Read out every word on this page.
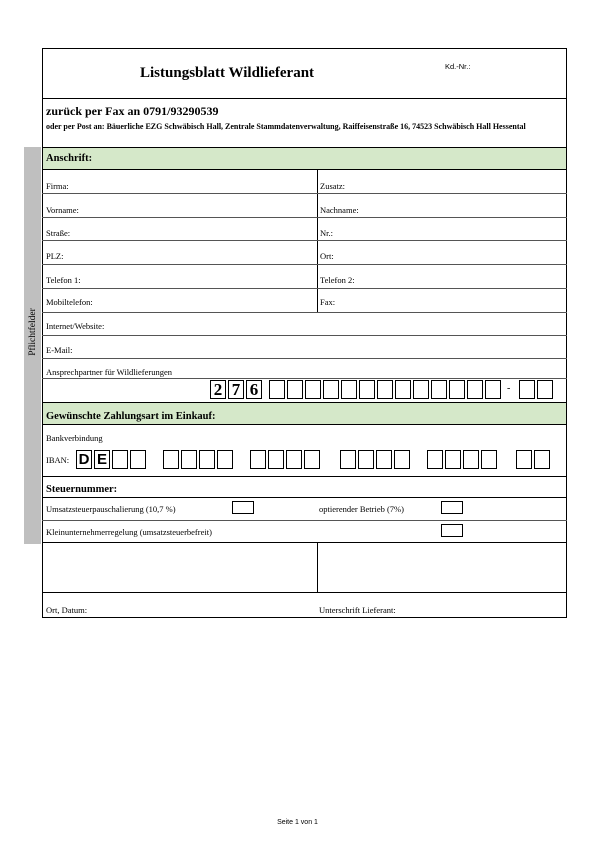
Pflichtfelder
Listungsblatt Wildlieferant	Kd.-Nr.:
zurück per Fax an 0791/93290539
oder per Post an: Bäuerliche EZG Schwäbisch Hall, Zentrale Stammdatenverwaltung, Raiffeisenstraße 16, 74523 Schwäbisch Hall Hessental
Anschrift:
Firma:	Zusatz:
Vorname:	Nachname:
Straße:	Nr.:
PLZ:	Ort:
Telefon 1:	Telefon 2:
Mobiltelefon:	Fax:
Internet/Website:
E-Mail:
Ansprechpartner für Wildlieferungen
2 7 6	-
Gewünschte Zahlungsart im Einkauf:
Bankverbindung
IBAN: D E
Steuernummer:
Umsatzsteuerpauschalierung (10,7 %)	optierender Betrieb (7%)
Kleinunternehmerregelung (umsatzsteuerbefreit)
Ort, Datum:	Unterschrift Lieferant:
Seite 1 von 1
